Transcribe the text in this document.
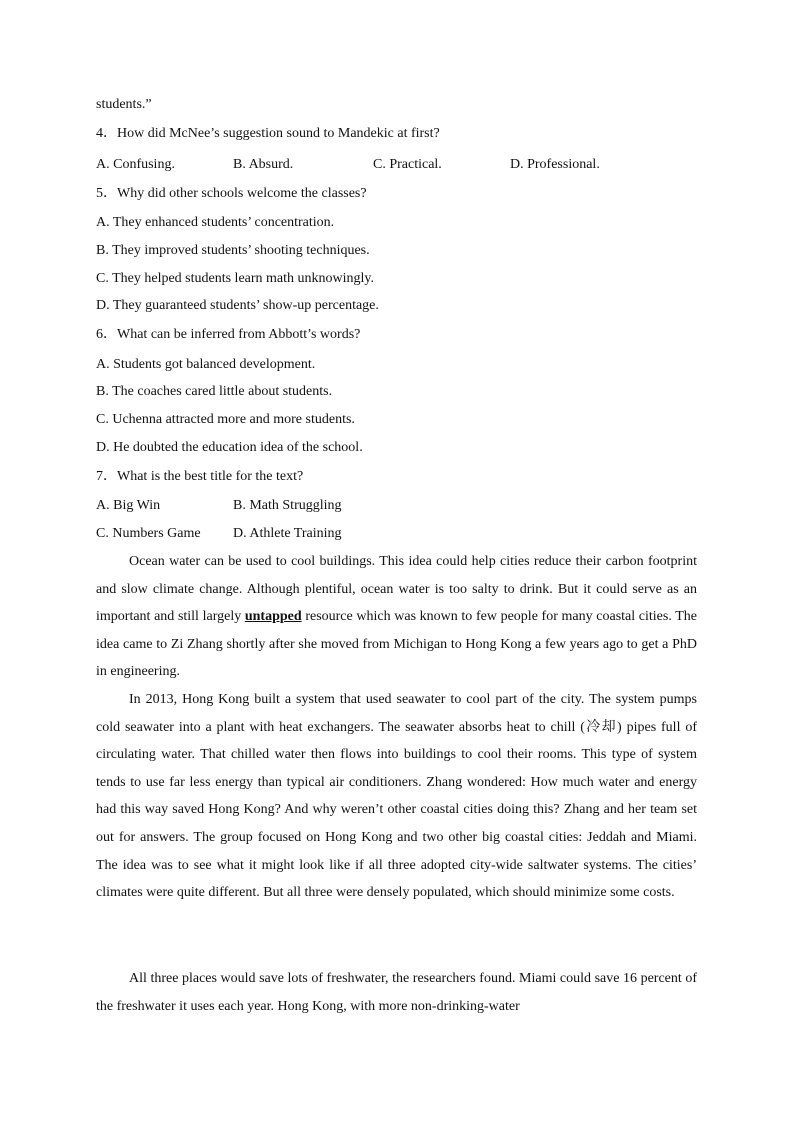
students.”
4．How did McNee’s suggestion sound to Mandekic at first?
A. Confusing.	B. Absurd.	C. Practical.	D. Professional.
5．Why did other schools welcome the classes?
A. They enhanced students’ concentration.
B. They improved students’ shooting techniques.
C. They helped students learn math unknowingly.
D. They guaranteed students’ show-up percentage.
6．What can be inferred from Abbott’s words?
A. Students got balanced development.
B. The coaches cared little about students.
C. Uchenna attracted more and more students.
D. He doubted the education idea of the school.
7．What is the best title for the text?
A. Big Win	B. Math Struggling
C. Numbers Game D. Athlete Training
Ocean water can be used to cool buildings. This idea could help cities reduce their carbon footprint and slow climate change. Although plentiful, ocean water is too salty to drink. But it could serve as an important and still largely untapped resource which was known to few people for many coastal cities. The idea came to Zi Zhang shortly after she moved from Michigan to Hong Kong a few years ago to get a PhD in engineering.
In 2013, Hong Kong built a system that used seawater to cool part of the city. The system pumps cold seawater into a plant with heat exchangers. The seawater absorbs heat to chill (冷却) pipes full of circulating water. That chilled water then flows into buildings to cool their rooms. This type of system tends to use far less energy than typical air conditioners. Zhang wondered: How much water and energy had this way saved Hong Kong? And why weren’t other coastal cities doing this? Zhang and her team set out for answers. The group focused on Hong Kong and two other big coastal cities: Jeddah and Miami. The idea was to see what it might look like if all three adopted city-wide saltwater systems. The cities’ climates were quite different. But all three were densely populated, which should minimize some costs.
All three places would save lots of freshwater, the researchers found. Miami could save 16 percent of the freshwater it uses each year. Hong Kong, with more non-drinking-water
